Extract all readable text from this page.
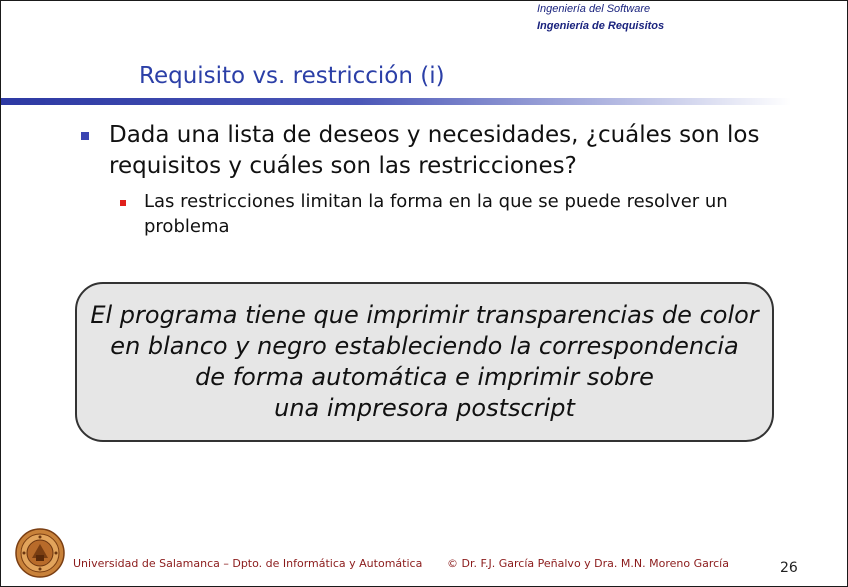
Ingeniería del Software
Ingeniería de Requisitos
Requisito vs. restricción (i)
Dada una lista de deseos y necesidades, ¿cuáles son los requisitos y cuáles son las restricciones?
Las restricciones limitan la forma en la que se puede resolver un problema

El programa tiene que imprimir transparencias de color
en blanco y negro estableciendo la correspondencia
de forma automática e imprimir sobre
una impresora postscript

Universidad de Salamanca – Dpto. de Informática y Automática © Dr. F.J. García Peñalvo y Dra. M.N. Moreno García	26
